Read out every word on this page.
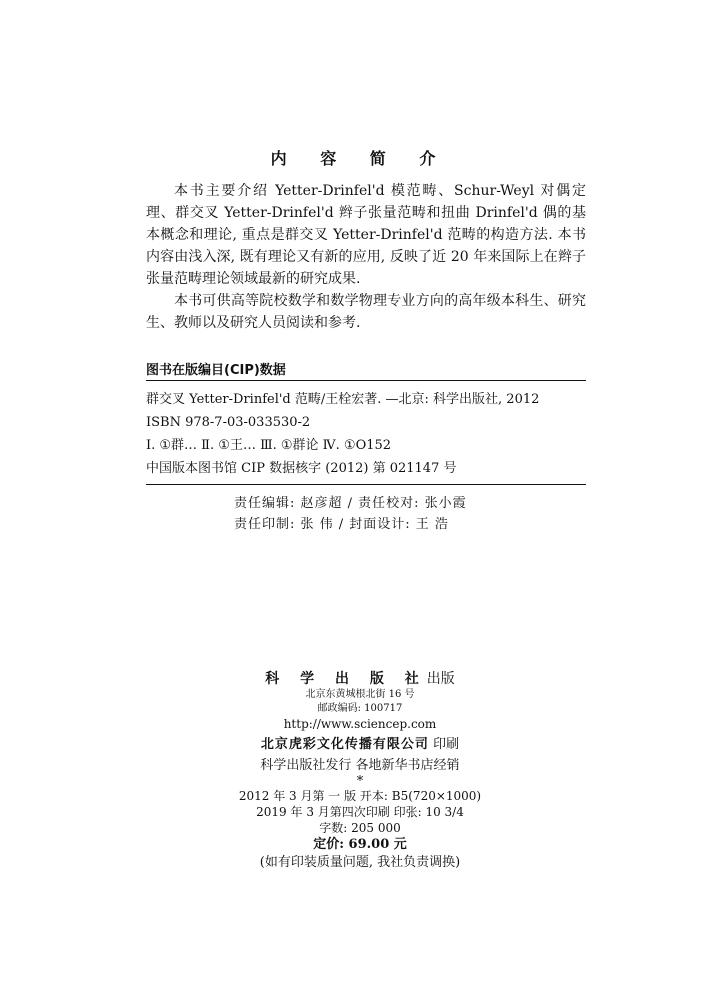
内 容 简 介

本书主要介绍 Yetter-Drinfel'd 模范畴、Schur-Weyl 对偶定理、群交叉 Yetter-Drinfel'd 辫子张量范畴和扭曲 Drinfel'd 偶的基本概念和理论, 重点是群交叉 Yetter-Drinfel'd 范畴的构造方法. 本书内容由浅入深, 既有理论又有新的应用, 反映了近 20 年来国际上在辫子张量范畴理论领域最新的研究成果.

本书可供高等院校数学和数学物理专业方向的高年级本科生、研究生、教师以及研究人员阅读和参考.

图书在版编目(CIP)数据
群交叉 Yetter-Drinfel'd 范畴/王栓宏著. —北京: 科学出版社, 2012
ISBN 978-7-03-033530-2
Ⅰ. ①群… Ⅱ. ①王… Ⅲ. ①群论 Ⅳ. ①O152
中国版本图书馆 CIP 数据核字 (2012) 第 021147 号
责任编辑: 赵彦超 / 责任校对: 张小霞
责任印制: 张 伟 / 封面设计: 王 浩
科 学 出 版 社出版
北京东黄城根北街 16 号
邮政编码: 100717
http://www.sciencep.com
北京虎彩文化传播有限公司 印刷
科学出版社发行 各地新华书店经销
*
2012 年 3 月第 一 版 开本: B5(720×1000)
2019 年 3 月第四次印刷 印张: 10 3/4
字数: 205 000
定价: 69.00 元
(如有印装质量问题, 我社负责调换)
